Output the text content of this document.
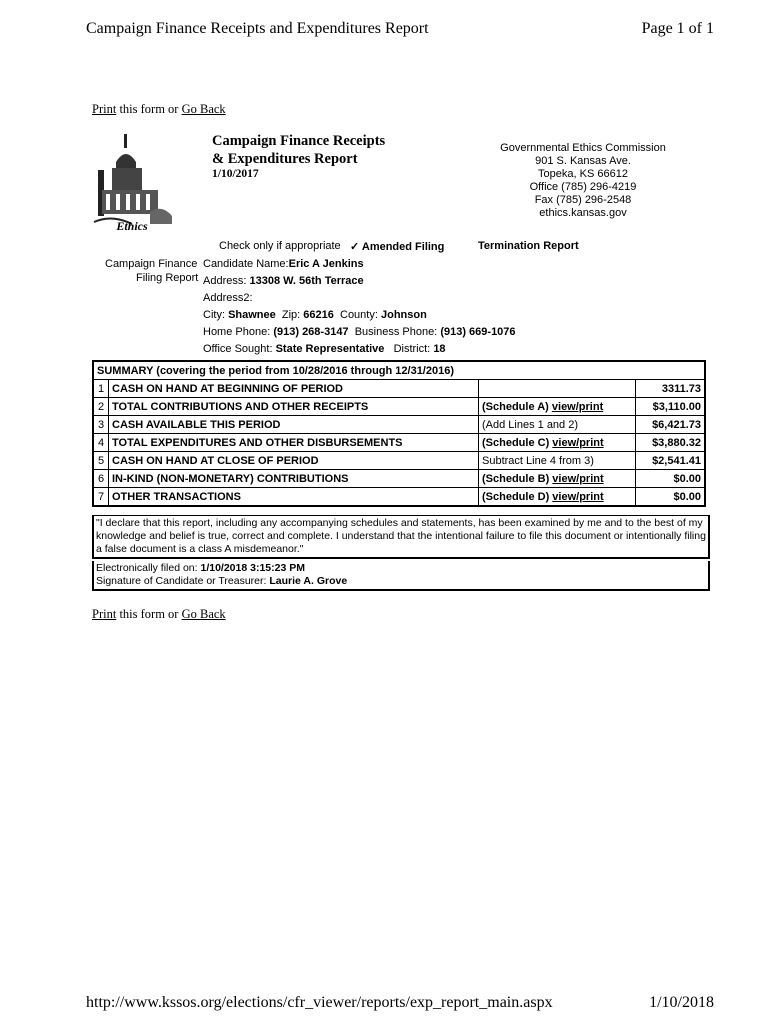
Campaign Finance Receipts and Expenditures Report	Page 1 of 1
Print this form or Go Back
Ethics
Campaign Finance Receipts
& Expenditures Report
1/10/2017
Governmental Ethics Commission
901 S. Kansas Ave.
Topeka, KS 66612
Office (785) 296-4219
Fax (785) 296-2548
ethics.kansas.gov
Check only if appropriate ✓ Amended Filing	Termination Report
Campaign Finance
Filing Report
Candidate Name:Eric A Jenkins
Address: 13308 W. 56th Terrace
Address2:
City: Shawnee Zip: 66216 County: Johnson
Home Phone: (913) 268-3147 Business Phone: (913) 669-1076
Office Sought: State Representative District: 18
SUMMARY (covering the period from 10/28/2016 through 12/31/2016)			
1	CASH ON HAND AT BEGINNING OF PERIOD		3311.73
2	TOTAL CONTRIBUTIONS AND OTHER RECEIPTS	(Schedule A) view/print	$3,110.00
3	CASH AVAILABLE THIS PERIOD	(Add Lines 1 and 2)	$6,421.73
4	TOTAL EXPENDITURES AND OTHER DISBURSEMENTS	(Schedule C) view/print	$3,880.32
5	CASH ON HAND AT CLOSE OF PERIOD	Subtract Line 4 from 3)	$2,541.41
6	IN-KIND (NON-MONETARY) CONTRIBUTIONS	(Schedule B) view/print	$0.00
7	OTHER TRANSACTIONS	(Schedule D) view/print	$0.00
"I declare that this report, including any accompanying schedules and statements, has been examined by me and to the best of my knowledge and belief is true, correct and complete. I understand that the intentional failure to file this document or intentionally filing a false document is a class A misdemeanor."
Electronically filed on: 1/10/2018 3:15:23 PM
Signature of Candidate or Treasurer: Laurie A. Grove
Print this form or Go Back
http://www.kssos.org/elections/cfr_viewer/reports/exp_report_main.aspx	1/10/2018
